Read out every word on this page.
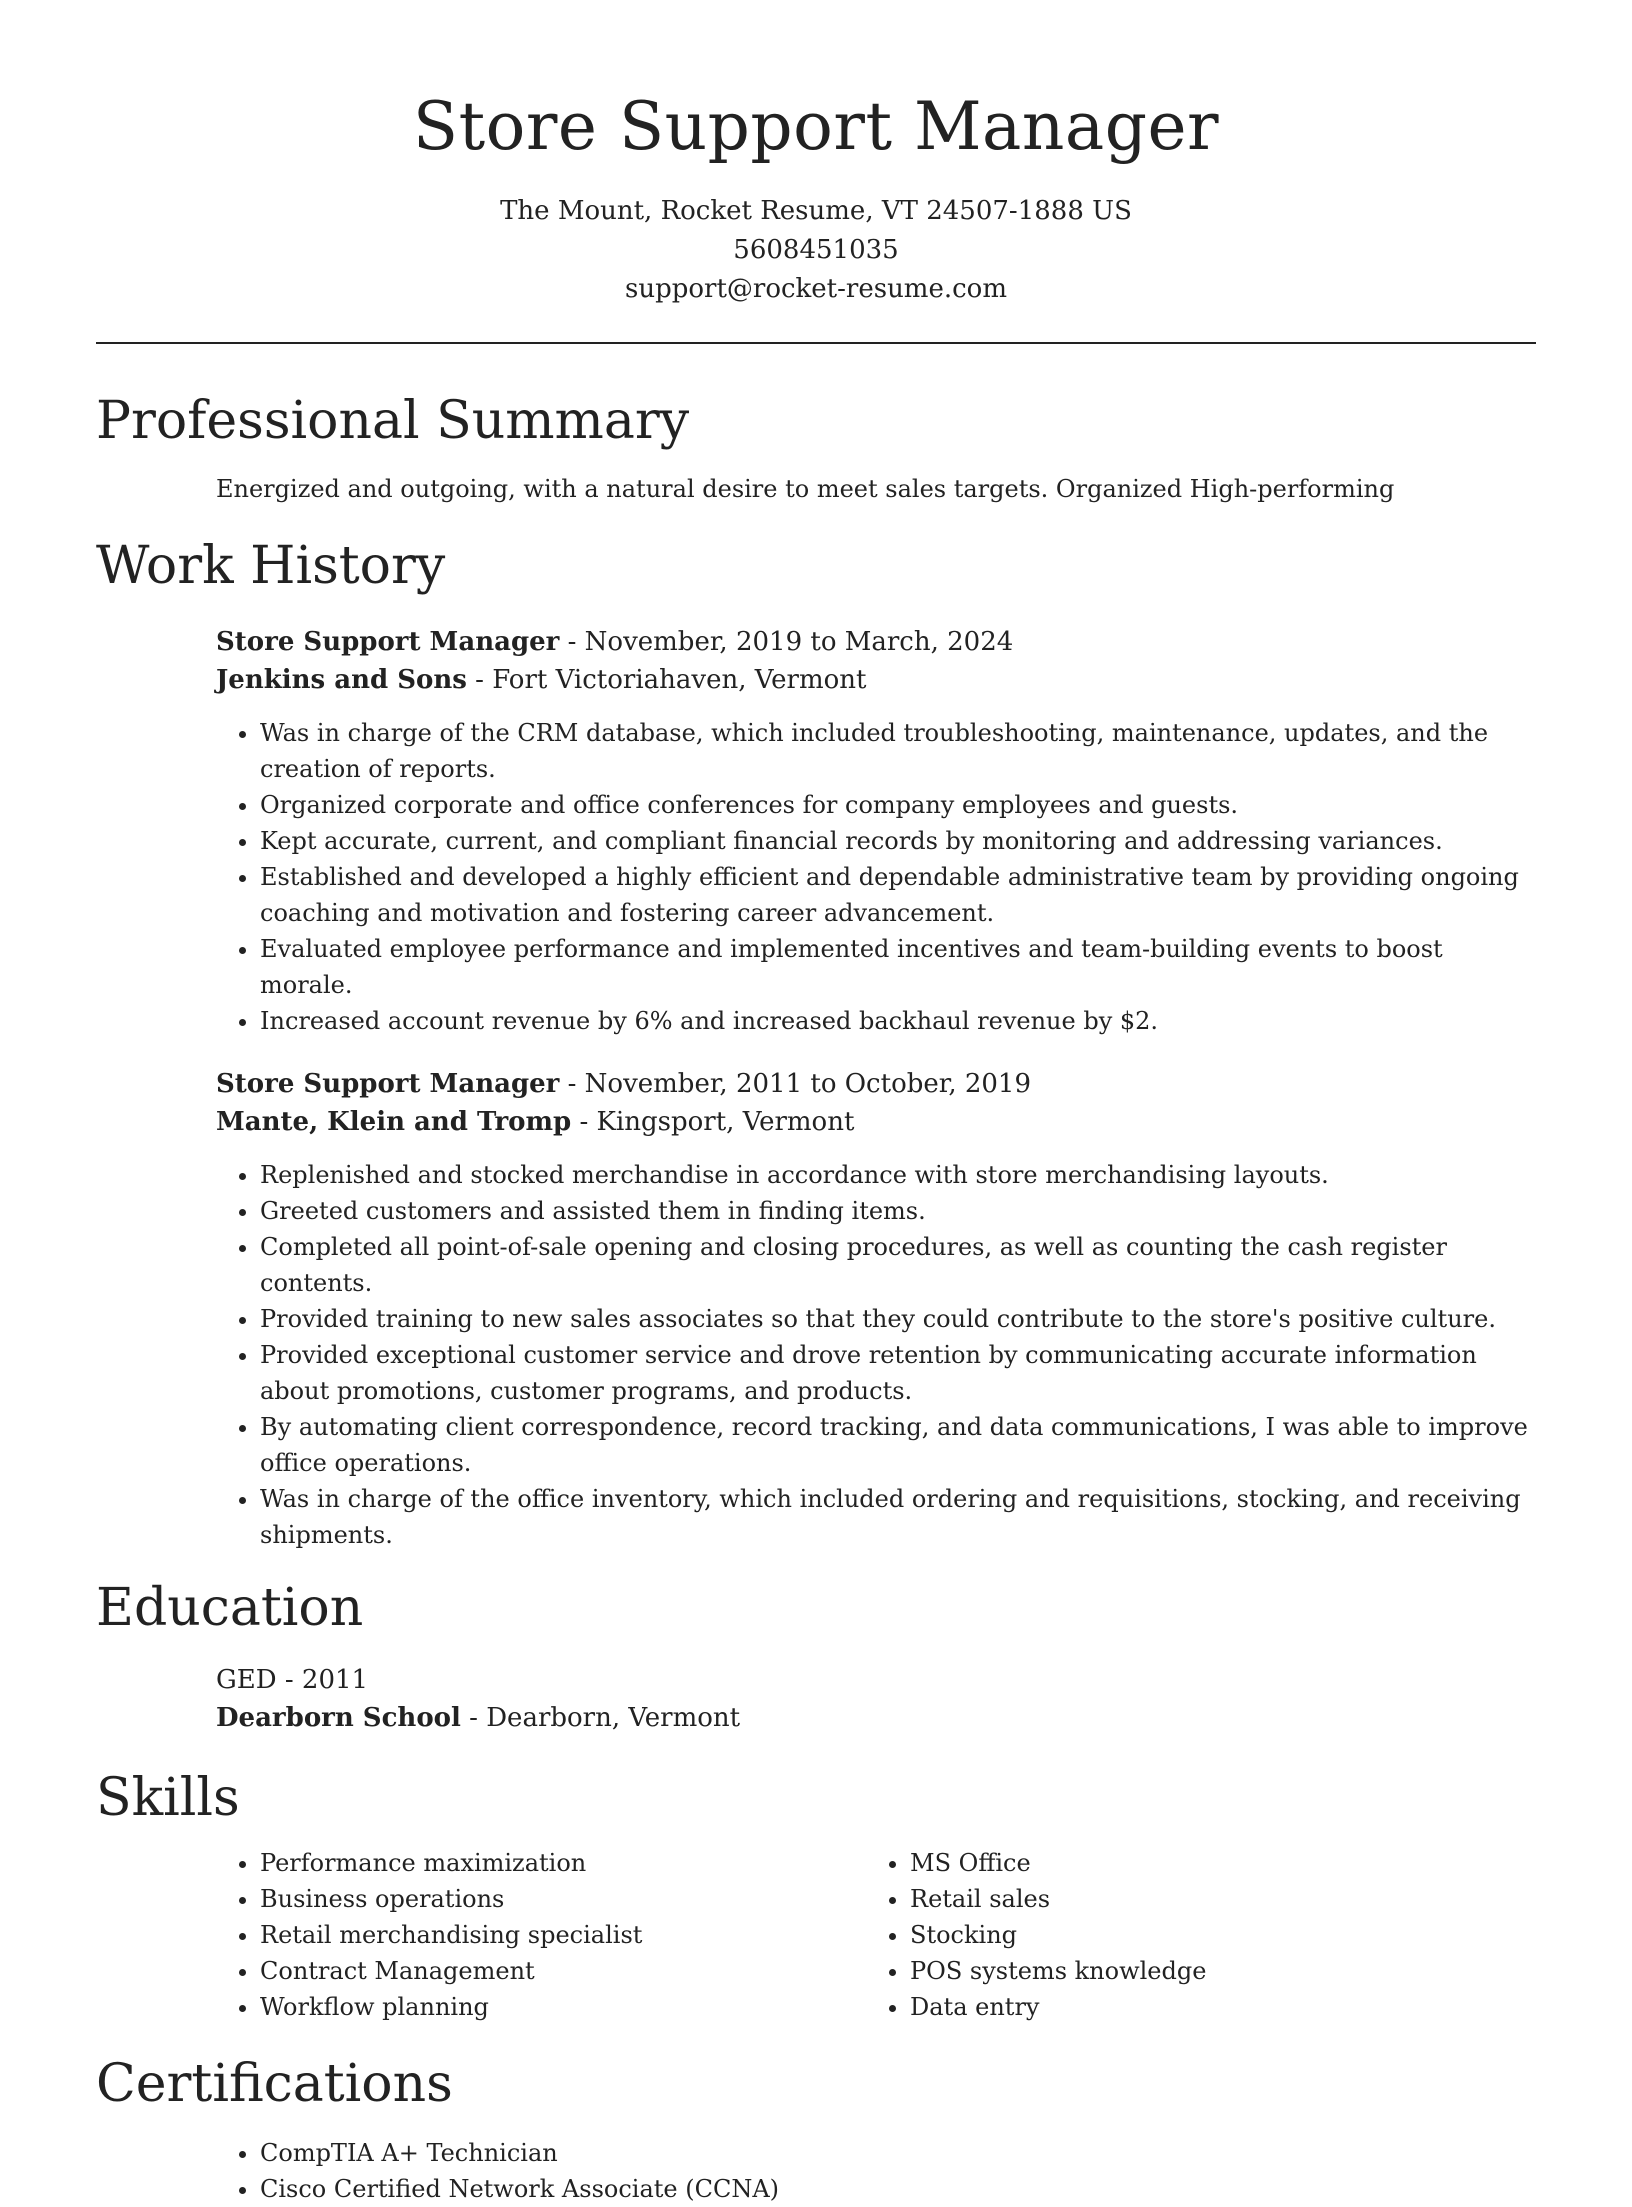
Store Support Manager
The Mount, Rocket Resume, VT 24507-1888 US
5608451035
support@rocket-resume.com
Professional Summary
Energized and outgoing, with a natural desire to meet sales targets. Organized High-performing
Work History
Store Support Manager - November, 2019 to March, 2024
Jenkins and Sons - Fort Victoriahaven, Vermont
• Was in charge of the CRM database, which included troubleshooting, maintenance, updates, and the creation of reports.
• Organized corporate and office conferences for company employees and guests.
• Kept accurate, current, and compliant financial records by monitoring and addressing variances.
• Established and developed a highly efficient and dependable administrative team by providing ongoing coaching and motivation and fostering career advancement.
• Evaluated employee performance and implemented incentives and team-building events to boost morale.
• Increased account revenue by 6% and increased backhaul revenue by $2.
Store Support Manager - November, 2011 to October, 2019
Mante, Klein and Tromp - Kingsport, Vermont
• Replenished and stocked merchandise in accordance with store merchandising layouts.
• Greeted customers and assisted them in finding items.
• Completed all point-of-sale opening and closing procedures, as well as counting the cash register contents.
• Provided training to new sales associates so that they could contribute to the store's positive culture.
• Provided exceptional customer service and drove retention by communicating accurate information about promotions, customer programs, and products.
• By automating client correspondence, record tracking, and data communications, I was able to improve office operations.
• Was in charge of the office inventory, which included ordering and requisitions, stocking, and receiving shipments.
Education
GED - 2011
Dearborn School - Dearborn, Vermont
Skills
• Performance maximization
• Business operations
• Retail merchandising specialist
• Contract Management
• Workflow planning
• MS Office
• Retail sales
• Stocking
• POS systems knowledge
• Data entry
Certifications
• CompTIA A+ Technician
• Cisco Certified Network Associate (CCNA)
